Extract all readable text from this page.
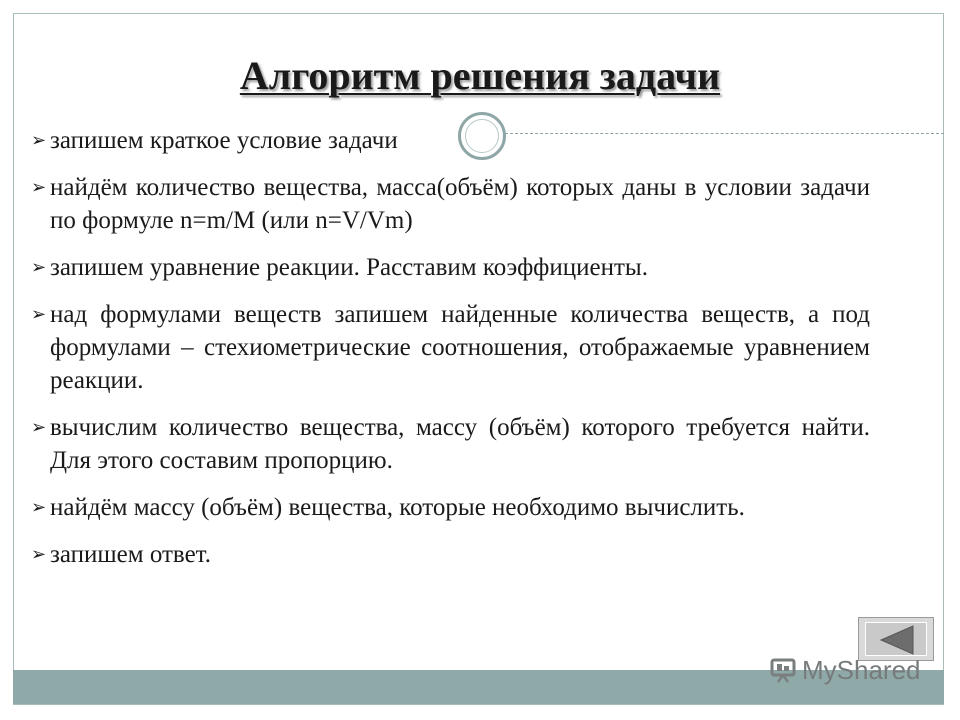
Алгоритм решения задачи
➢ запишем краткое условие задачи
➢ найдём количество вещества, масса(объём) которых даны в условии задачи по формуле n=m/M (или n=V/Vm)
➢ запишем уравнение реакции. Расставим коэффициенты.
➢ над формулами веществ запишем найденные количества веществ, а под формулами – стехиометрические соотношения, отображаемые уравнением реакции.
➢ вычислим количество вещества, массу (объём) которого требуется найти. Для этого составим пропорцию.
➢ найдём массу (объём) вещества, которые необходимо вычислить.
➢ запишем ответ.
MyShared
